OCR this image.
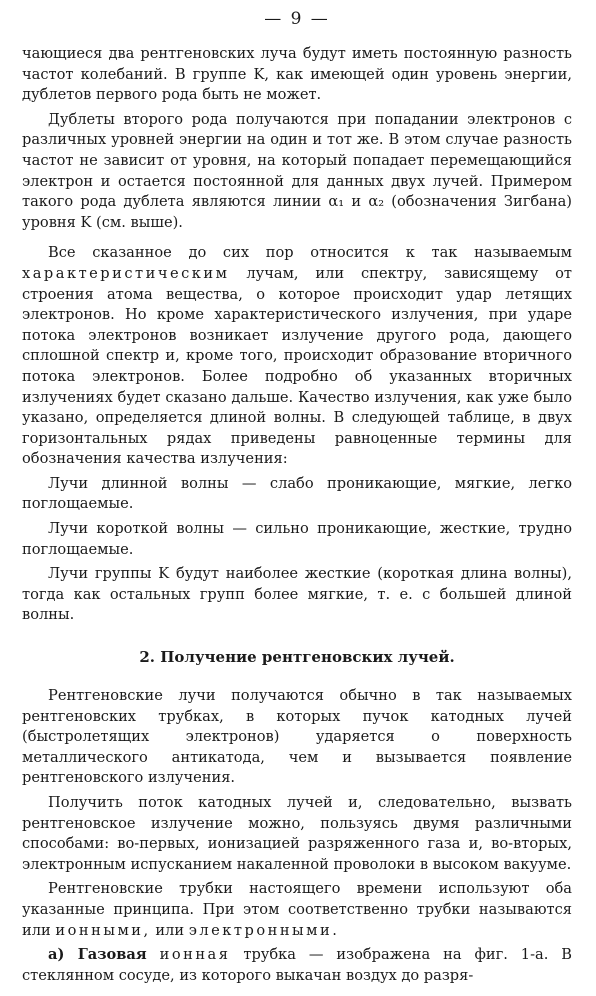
— 9 —

чающиеся два рентгеновских луча будут иметь постоянную разность частот колебаний. В группе K, как имеющей один уровень энергии, дублетов первого рода быть не может.

Дублеты второго рода получаются при попадании электронов с различных уровней энергии на один и тот же. В этом случае разность частот не зависит от уровня, на который попадает перемещающийся электрон и остается постоянной для данных двух лучей. Примером такого рода дублета являются линии α₁ и α₂ (обозначения Зигбана) уровня K (см. выше).

Все сказанное до сих пор относится к так называемым характеристическим лучам, или спектру, зависящему от строения атома вещества, о которое происходит удар летящих электронов. Но кроме характеристического излучения, при ударе потока электронов возникает излучение другого рода, дающего сплошной спектр и, кроме того, происходит образование вторичного потока электронов. Более подробно об указанных вторичных излучениях будет сказано дальше. Качество излучения, как уже было указано, определяется длиной волны. В следующей таблице, в двух горизонтальных рядах приведены равноценные термины для обозначения качества излучения:

Лучи длинной волны — слабо проникающие, мягкие, легко поглощаемые.

Лучи короткой волны — сильно проникающие, жесткие, трудно поглощаемые.

Лучи группы K будут наиболее жесткие (короткая длина волны), тогда как остальных групп более мягкие, т. е. с большей длиной волны.

2. Получение рентгеновских лучей.

Рентгеновские лучи получаются обычно в так называемых рентгеновских трубках, в которых пучок катодных лучей (быстролетящих электронов) ударяется о поверхность металлического антикатода, чем и вызывается появление рентгеновского излучения.

Получить поток катодных лучей и, следовательно, вызвать рентгеновское излучение можно, пользуясь двумя различными способами: во-первых, ионизацией разряженного газа и, во-вторых, электронным испусканием накаленной проволоки в высоком вакууме.

Рентгеновские трубки настоящего времени используют оба указанные принципа. При этом соответственно трубки называются или ионными, или электронными.

а) Газовая ионная трубка — изображена на фиг. 1-а. В стеклянном сосуде, из которого выкачан воздух до разря-
